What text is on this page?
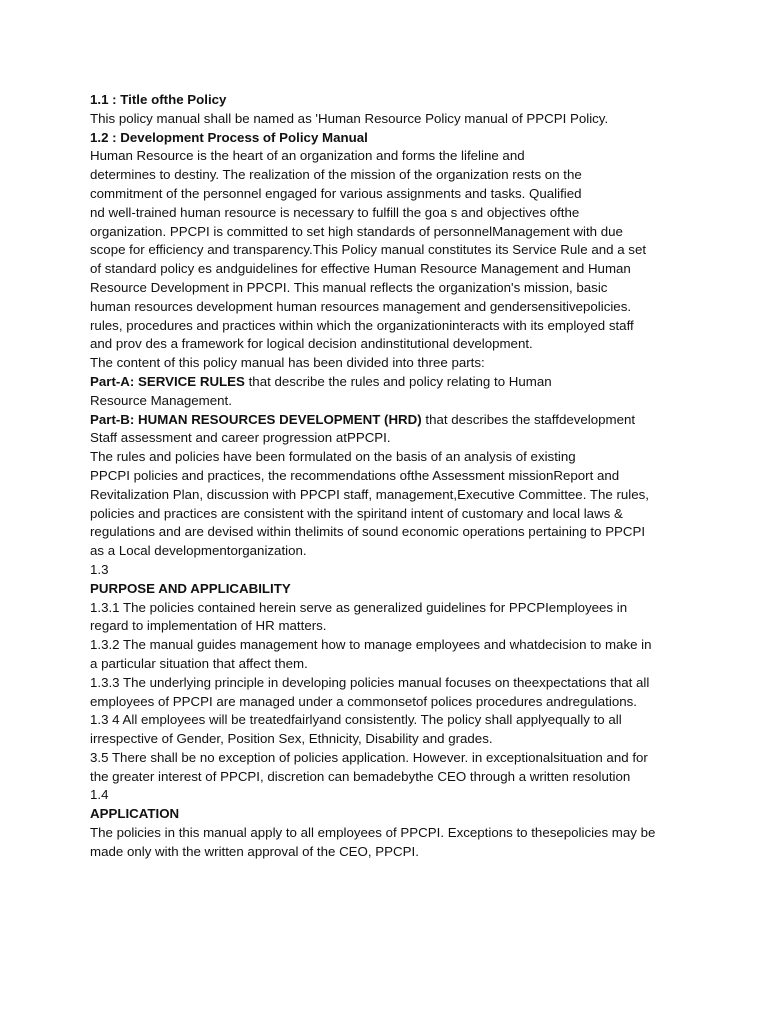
1.1 : Title ofthe Policy
This policy manual shall be named as 'Human Resource Policy manual of PPCPI Policy.
1.2 : Development Process of Policy Manual
Human Resource is the heart of an organization and forms the lifeline and
determines to destiny. The realization of the mission of the organization rests on the
commitment of the personnel engaged for various assignments and tasks. Qualified
nd well-trained human resource is necessary to fulfill the goa s and objectives ofthe
organization. PPCPI is committed to set high standards of personnelManagement with due
scope for efficiency and transparency.This Policy manual constitutes its Service Rule and a set
of standard policy es andguidelines for effective Human Resource Management and Human
Resource Development in PPCPI. This manual reflects the organization's mission, basic
human resources development human resources management and gendersensitivepolicies.
rules, procedures and practices within which the organizationinteracts with its employed staff
and prov des a framework for logical decision andinstitutional development.
The content of this policy manual has been divided into three parts:
Part-A: SERVICE RULES that describe the rules and policy relating to Human
Resource Management.
Part-B: HUMAN RESOURCES DEVELOPMENT (HRD) that describes the staffdevelopment
Staff assessment and career progression atPPCPI.
The rules and policies have been formulated on the basis of an analysis of existing
PPCPI policies and practices, the recommendations ofthe Assessment missionReport and
Revitalization Plan, discussion with PPCPI staff, management,Executive Committee. The rules,
policies and practices are consistent with the spiritand intent of customary and local laws &
regulations and are devised within thelimits of sound economic operations pertaining to PPCPI
as a Local developmentorganization.
1.3
PURPOSE AND APPLICABILITY
1.3.1 The policies contained herein serve as generalized guidelines for PPCPIemployees in
regard to implementation of HR matters.
1.3.2 The manual guides management how to manage employees and whatdecision to make in
a particular situation that affect them.
1.3.3 The underlying principle in developing policies manual focuses on theexpectations that all
employees of PPCPI are managed under a commonsetof polices procedures andregulations.
1.3 4 All employees will be treatedfairlyand consistently. The policy shall applyequally to all
irrespective of Gender, Position Sex, Ethnicity, Disability and grades.
3.5 There shall be no exception of policies application. However. in exceptionalsituation and for
the greater interest of PPCPI, discretion can bemadebythe CEO through a written resolution
1.4
APPLICATION
The policies in this manual apply to all employees of PPCPI. Exceptions to thesepolicies may be
made only with the written approval of the CEO, PPCPI.
